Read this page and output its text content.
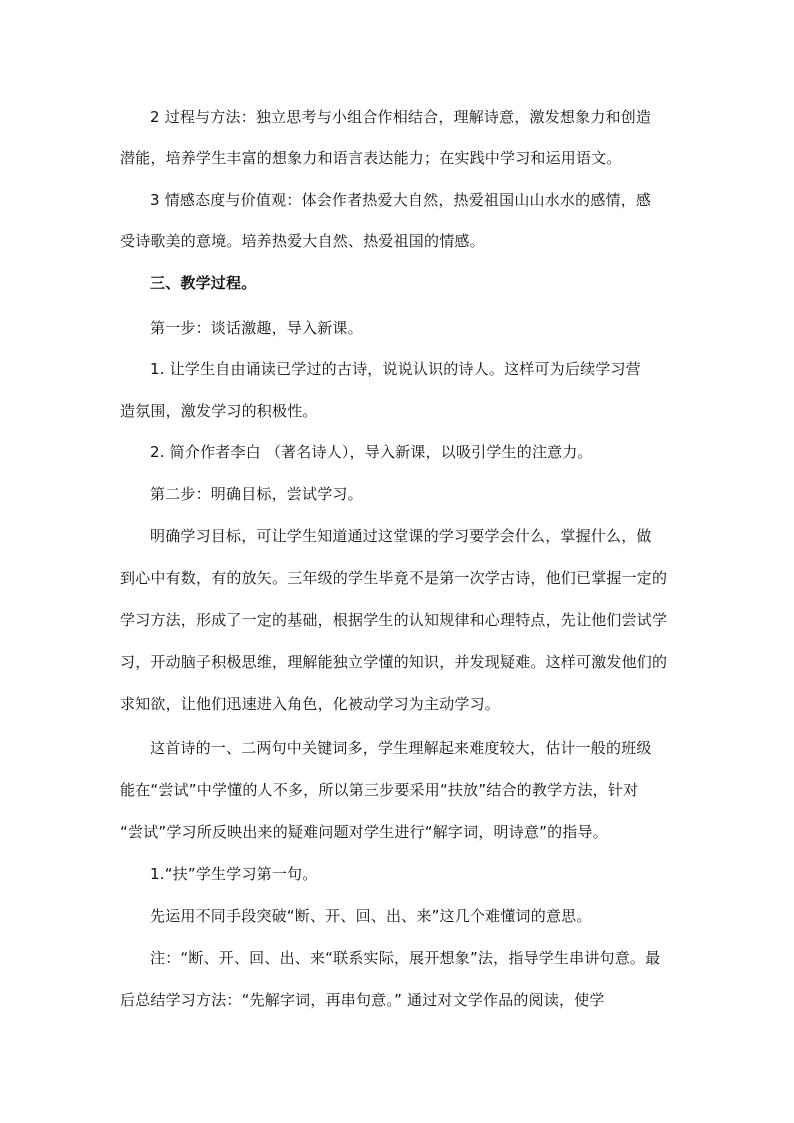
2 过程与方法：独立思考与小组合作相结合，理解诗意，激发想象力和创造
潜能，培养学生丰富的想象力和语言表达能力；在实践中学习和运用语文。
3 情感态度与价值观：体会作者热爱大自然，热爱祖国山山水水的感情，感
受诗歌美的意境。培养热爱大自然、热爱祖国的情感。
三、教学过程。
第一步：谈话激趣，导入新课。
1. 让学生自由诵读已学过的古诗，说说认识的诗人。这样可为后续学习营
造氛围，激发学习的积极性。
2. 简介作者李白 （著名诗人），导入新课，以吸引学生的注意力。
第二步：明确目标，尝试学习。
明确学习目标，可让学生知道通过这堂课的学习要学会什么，掌握什么，做
到心中有数，有的放矢。三年级的学生毕竟不是第一次学古诗，他们已掌握一定的
学习方法，形成了一定的基础，根据学生的认知规律和心理特点，先让他们尝试学
习，开动脑子积极思维，理解能独立学懂的知识，并发现疑难。这样可激发他们的
求知欲，让他们迅速进入角色，化被动学习为主动学习。
这首诗的一、二两句中关键词多，学生理解起来难度较大，估计一般的班级
能在“尝试”中学懂的人不多，所以第三步要采用“扶放”结合的教学方法，针对
“尝试”学习所反映出来的疑难问题对学生进行“解字词，明诗意”的指导。
1.“扶”学生学习第一句。
先运用不同手段突破“断、开、回、出、来”这几个难懂词的意思。
注：“断、开、回、出、来“联系实际，展开想象”法，指导学生串讲句意。最
后总结学习方法：“先解字词，再串句意。” 通过对文学作品的阅读，使学
